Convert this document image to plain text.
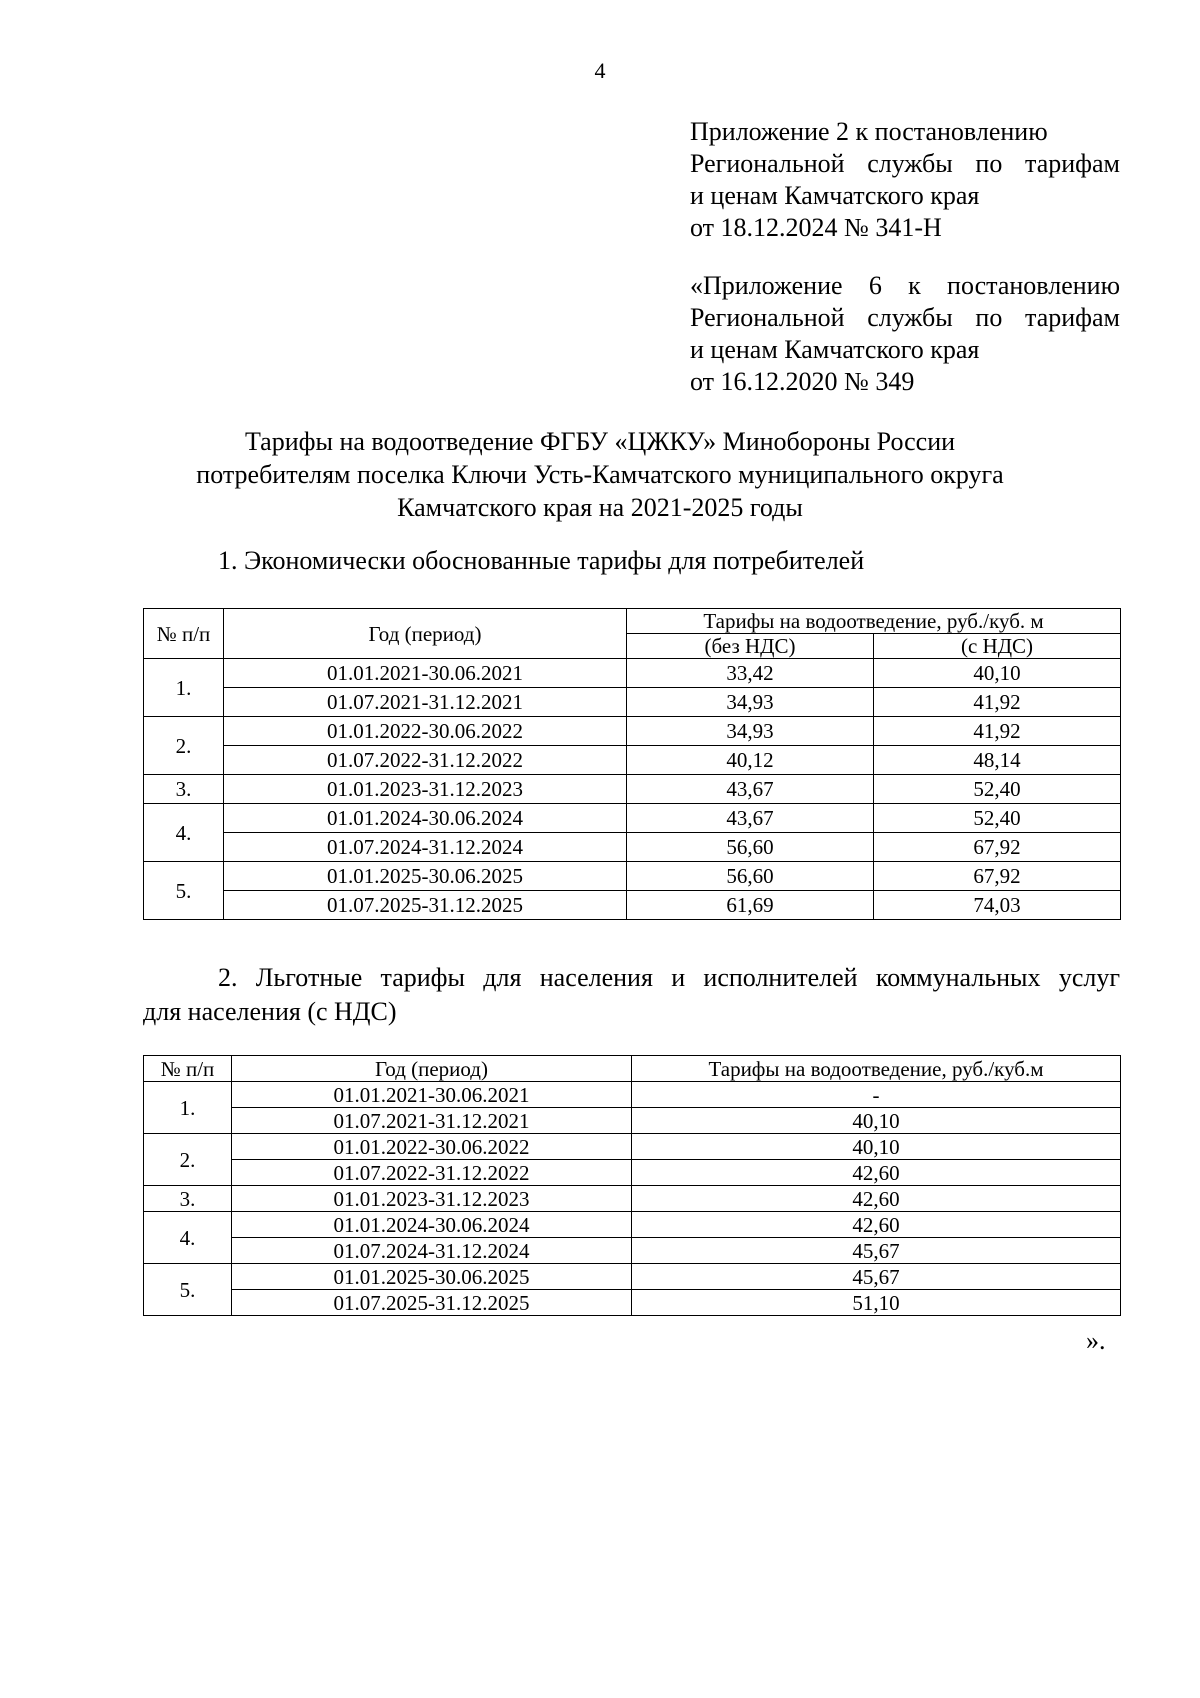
4
Приложение 2 к постановлению
Региональной службы по тарифам
и ценам Камчатского края
от 18.12.2024 № 341-Н
«Приложение 6 к постановлению
Региональной службы по тарифам
и ценам Камчатского края
от 16.12.2020 № 349
Тарифы на водоотведение ФГБУ «ЦЖКУ» Минобороны России
потребителям поселка Ключи Усть-Камчатского муниципального округа
Камчатского края на 2021-2025 годы
1. Экономически обоснованные тарифы для потребителей
№ п/п	Год (период)	Тарифы на водоотведение, руб./куб. м	
		(без НДС)	(с НДС)
1.	01.01.2021-30.06.2021	33,42	40,10
	01.07.2021-31.12.2021	34,93	41,92
2.	01.01.2022-30.06.2022	34,93	41,92
	01.07.2022-31.12.2022	40,12	48,14
3.	01.01.2023-31.12.2023	43,67	52,40
4.	01.01.2024-30.06.2024	43,67	52,40
	01.07.2024-31.12.2024	56,60	67,92
5.	01.01.2025-30.06.2025	56,60	67,92
	01.07.2025-31.12.2025	61,69	74,03
2. Льготные тарифы для населения и исполнителей коммунальных услуг
для населения (с НДС)
№ п/п	Год (период)	Тарифы на водоотведение, руб./куб.м
1.	01.01.2021-30.06.2021	-
	01.07.2021-31.12.2021	40,10
2.	01.01.2022-30.06.2022	40,10
	01.07.2022-31.12.2022	42,60
3.	01.01.2023-31.12.2023	42,60
4.	01.01.2024-30.06.2024	42,60
	01.07.2024-31.12.2024	45,67
5.	01.01.2025-30.06.2025	45,67
	01.07.2025-31.12.2025	51,10
».
